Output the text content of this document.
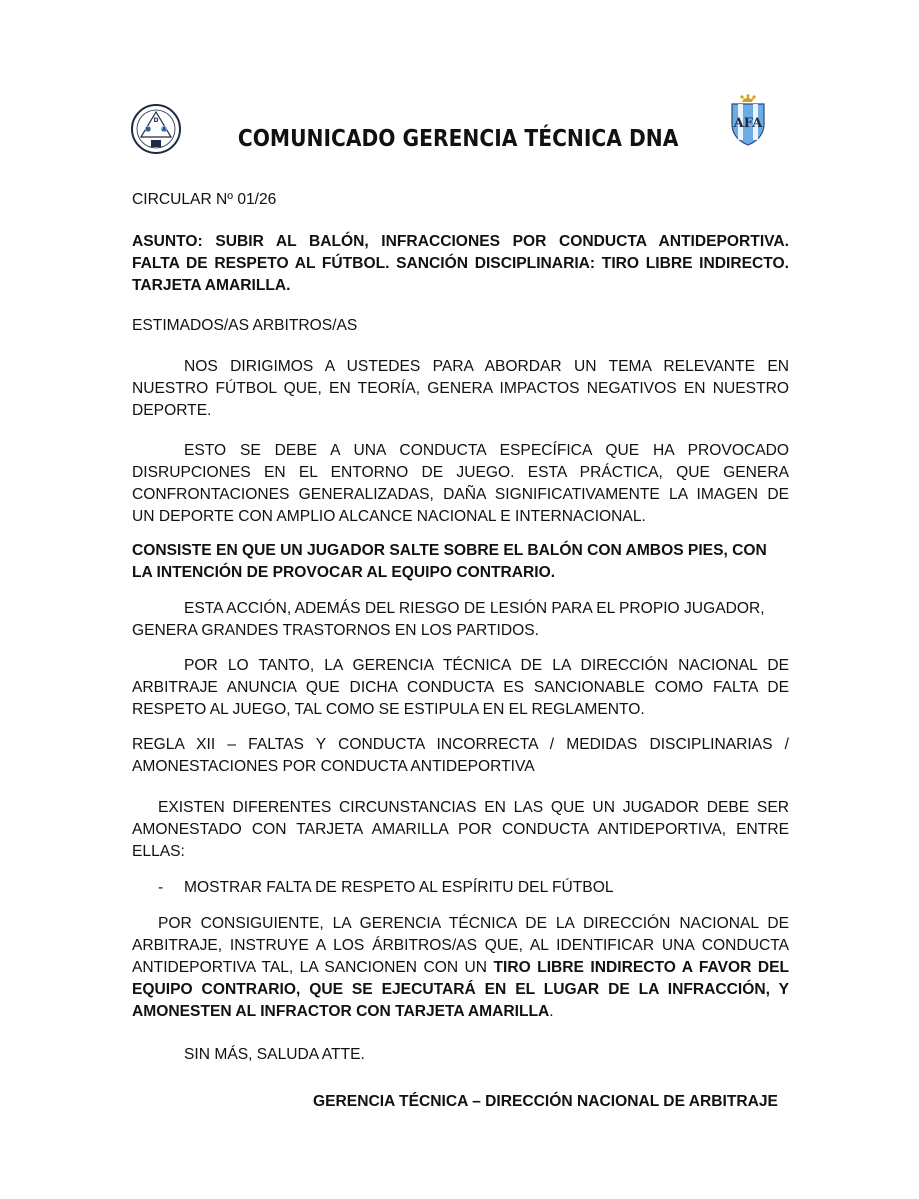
D
N A	AFA
COMUNICADO GERENCIA TÉCNICA DNA
CIRCULAR Nº 01/26
ASUNTO: SUBIR AL BALÓN, INFRACCIONES POR CONDUCTA ANTIDEPORTIVA.
FALTA DE RESPETO AL FÚTBOL. SANCIÓN DISCIPLINARIA: TIRO LIBRE INDIRECTO.
TARJETA AMARILLA.
ESTIMADOS/AS ARBITROS/AS
NOS DIRIGIMOS A USTEDES PARA ABORDAR UN TEMA RELEVANTE EN
NUESTRO FÚTBOL QUE, EN TEORÍA, GENERA IMPACTOS NEGATIVOS EN NUESTRO
DEPORTE.
ESTO SE DEBE A UNA CONDUCTA ESPECÍFICA QUE HA PROVOCADO
DISRUPCIONES EN EL ENTORNO DE JUEGO. ESTA PRÁCTICA, QUE GENERA
CONFRONTACIONES GENERALIZADAS, DAÑA SIGNIFICATIVAMENTE LA IMAGEN DE
UN DEPORTE CON AMPLIO ALCANCE NACIONAL E INTERNACIONAL.
CONSISTE EN QUE UN JUGADOR SALTE SOBRE EL BALÓN CON AMBOS PIES, CON
LA INTENCIÓN DE PROVOCAR AL EQUIPO CONTRARIO.
ESTA ACCIÓN, ADEMÁS DEL RIESGO DE LESIÓN PARA EL PROPIO JUGADOR,
GENERA GRANDES TRASTORNOS EN LOS PARTIDOS.
POR LO TANTO, LA GERENCIA TÉCNICA DE LA DIRECCIÓN NACIONAL DE
ARBITRAJE ANUNCIA QUE DICHA CONDUCTA ES SANCIONABLE COMO FALTA DE
RESPETO AL JUEGO, TAL COMO SE ESTIPULA EN EL REGLAMENTO.
REGLA XII – FALTAS Y CONDUCTA INCORRECTA / MEDIDAS DISCIPLINARIAS /
AMONESTACIONES POR CONDUCTA ANTIDEPORTIVA
EXISTEN DIFERENTES CIRCUNSTANCIAS EN LAS QUE UN JUGADOR DEBE SER
AMONESTADO CON TARJETA AMARILLA POR CONDUCTA ANTIDEPORTIVA, ENTRE
ELLAS:
- MOSTRAR FALTA DE RESPETO AL ESPÍRITU DEL FÚTBOL
POR CONSIGUIENTE, LA GERENCIA TÉCNICA DE LA DIRECCIÓN NACIONAL DE
ARBITRAJE, INSTRUYE A LOS ÁRBITROS/AS QUE, AL IDENTIFICAR UNA CONDUCTA
ANTIDEPORTIVA TAL, LA SANCIONEN CON UN TIRO LIBRE INDIRECTO A FAVOR DEL
EQUIPO CONTRARIO, QUE SE EJECUTARÁ EN EL LUGAR DE LA INFRACCIÓN, Y
AMONESTEN AL INFRACTOR CON TARJETA AMARILLA.
SIN MÁS, SALUDA ATTE.
GERENCIA TÉCNICA – DIRECCIÓN NACIONAL DE ARBITRAJE
